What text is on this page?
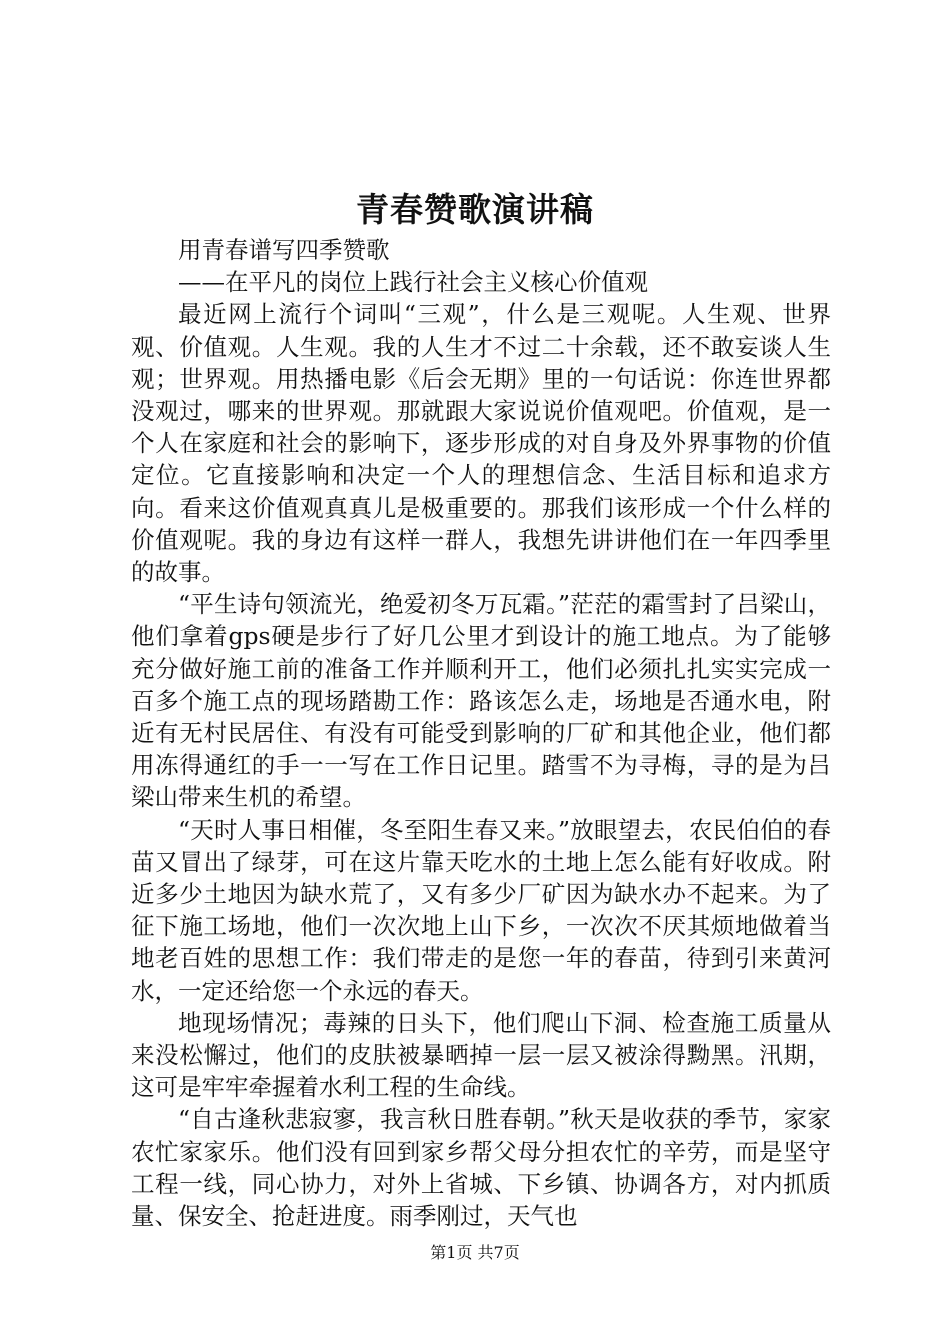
青春赞歌演讲稿

用青春谱写四季赞歌

——在平凡的岗位上践行社会主义核心价值观

最近网上流行个词叫“三观”，什么是三观呢。人生观、世界观、价值观。人生观。我的人生才不过二十余载，还不敢妄谈人生观；世界观。用热播电影《后会无期》里的一句话说：你连世界都没观过，哪来的世界观。那就跟大家说说价值观吧。价值观，是一个人在家庭和社会的影响下，逐步形成的对自身及外界事物的价值定位。它直接影响和决定一个人的理想信念、生活目标和追求方向。看来这价值观真真儿是极重要的。那我们该形成一个什么样的价值观呢。我的身边有这样一群人，我想先讲讲他们在一年四季里的故事。

“平生诗句领流光，绝爱初冬万瓦霜。”茫茫的霜雪封了吕梁山，他们拿着gps硬是步行了好几公里才到设计的施工地点。为了能够充分做好施工前的准备工作并顺利开工，他们必须扎扎实实完成一百多个施工点的现场踏勘工作：路该怎么走，场地是否通水电，附近有无村民居住、有没有可能受到影响的厂矿和其他企业，他们都用冻得通红的手一一写在工作日记里。踏雪不为寻梅，寻的是为吕梁山带来生机的希望。

“天时人事日相催，冬至阳生春又来。”放眼望去，农民伯伯的春苗又冒出了绿芽，可在这片靠天吃水的土地上怎么能有好收成。附近多少土地因为缺水荒了，又有多少厂矿因为缺水办不起来。为了征下施工场地，他们一次次地上山下乡，一次次不厌其烦地做着当地老百姓的思想工作：我们带走的是您一年的春苗，待到引来黄河水，一定还给您一个永远的春天。

地现场情况；毒辣的日头下，他们爬山下洞、检查施工质量从来没松懈过，他们的皮肤被暴晒掉一层一层又被涂得黝黑。汛期，这可是牢牢牵握着水利工程的生命线。

“自古逢秋悲寂寥，我言秋日胜春朝。”秋天是收获的季节，家家农忙家家乐。他们没有回到家乡帮父母分担农忙的辛劳，而是坚守工程一线，同心协力，对外上省城、下乡镇、协调各方，对内抓质量、保安全、抢赶进度。雨季刚过，天气也

第1页 共7页
